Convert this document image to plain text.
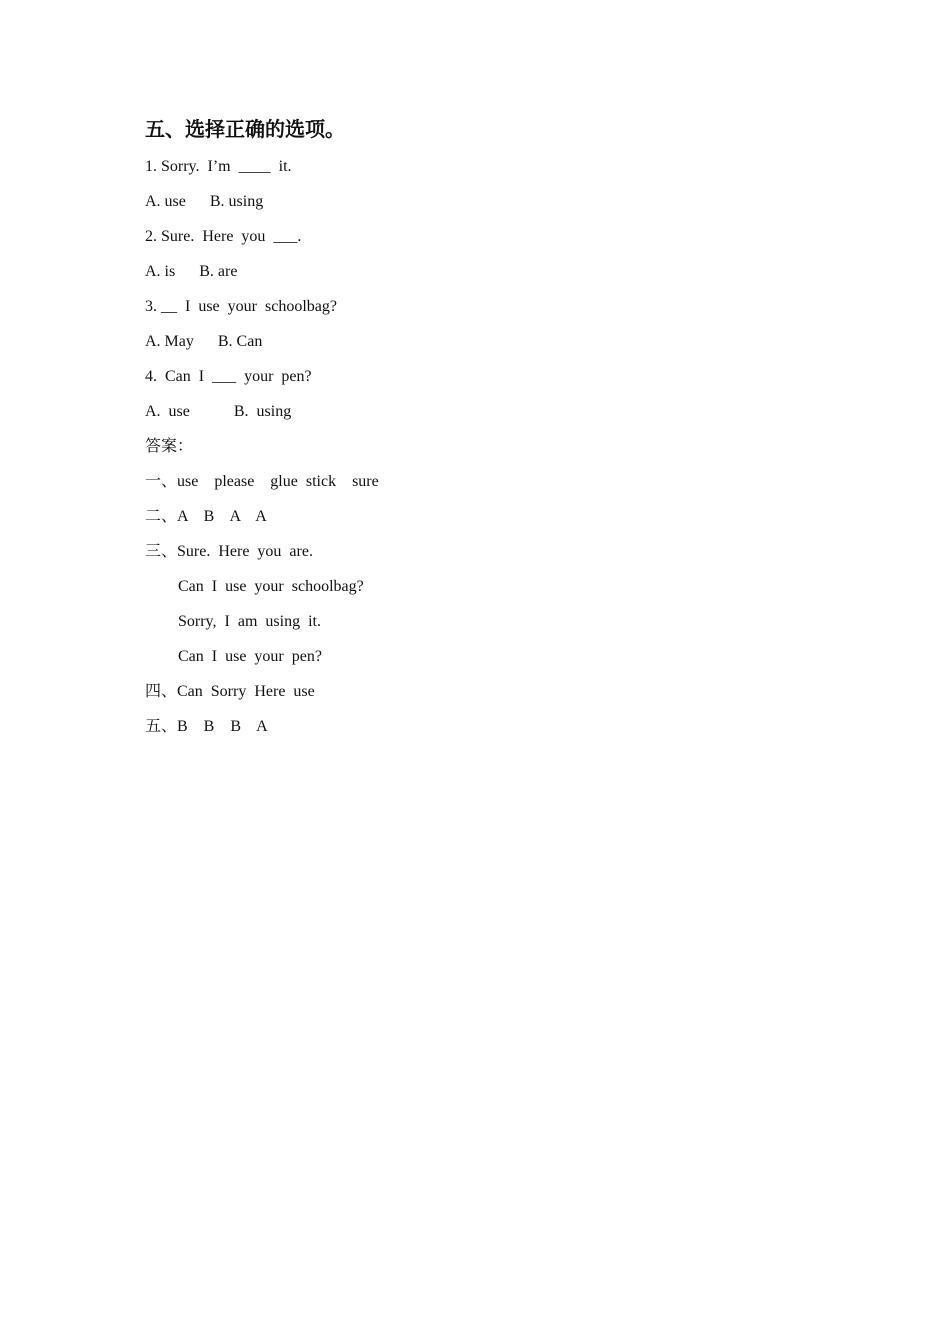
五、选择正确的选项。
1. Sorry.  I’m  ____  it.
A. use      B. using
2. Sure.  Here  you  ___.
A. is      B. are
3. __  I  use  your  schoolbag?
A. May      B. Can
4.  Can  I  ___  your  pen?
A.  use           B.  using
答案：
一、use    please    glue  stick    sure
二、A    B    A    A
三、Sure.  Here  you  are.
Can  I  use  your  schoolbag?
Sorry,  I  am  using  it.
Can  I  use  your  pen?
四、Can  Sorry  Here  use
五、B    B    B    A
